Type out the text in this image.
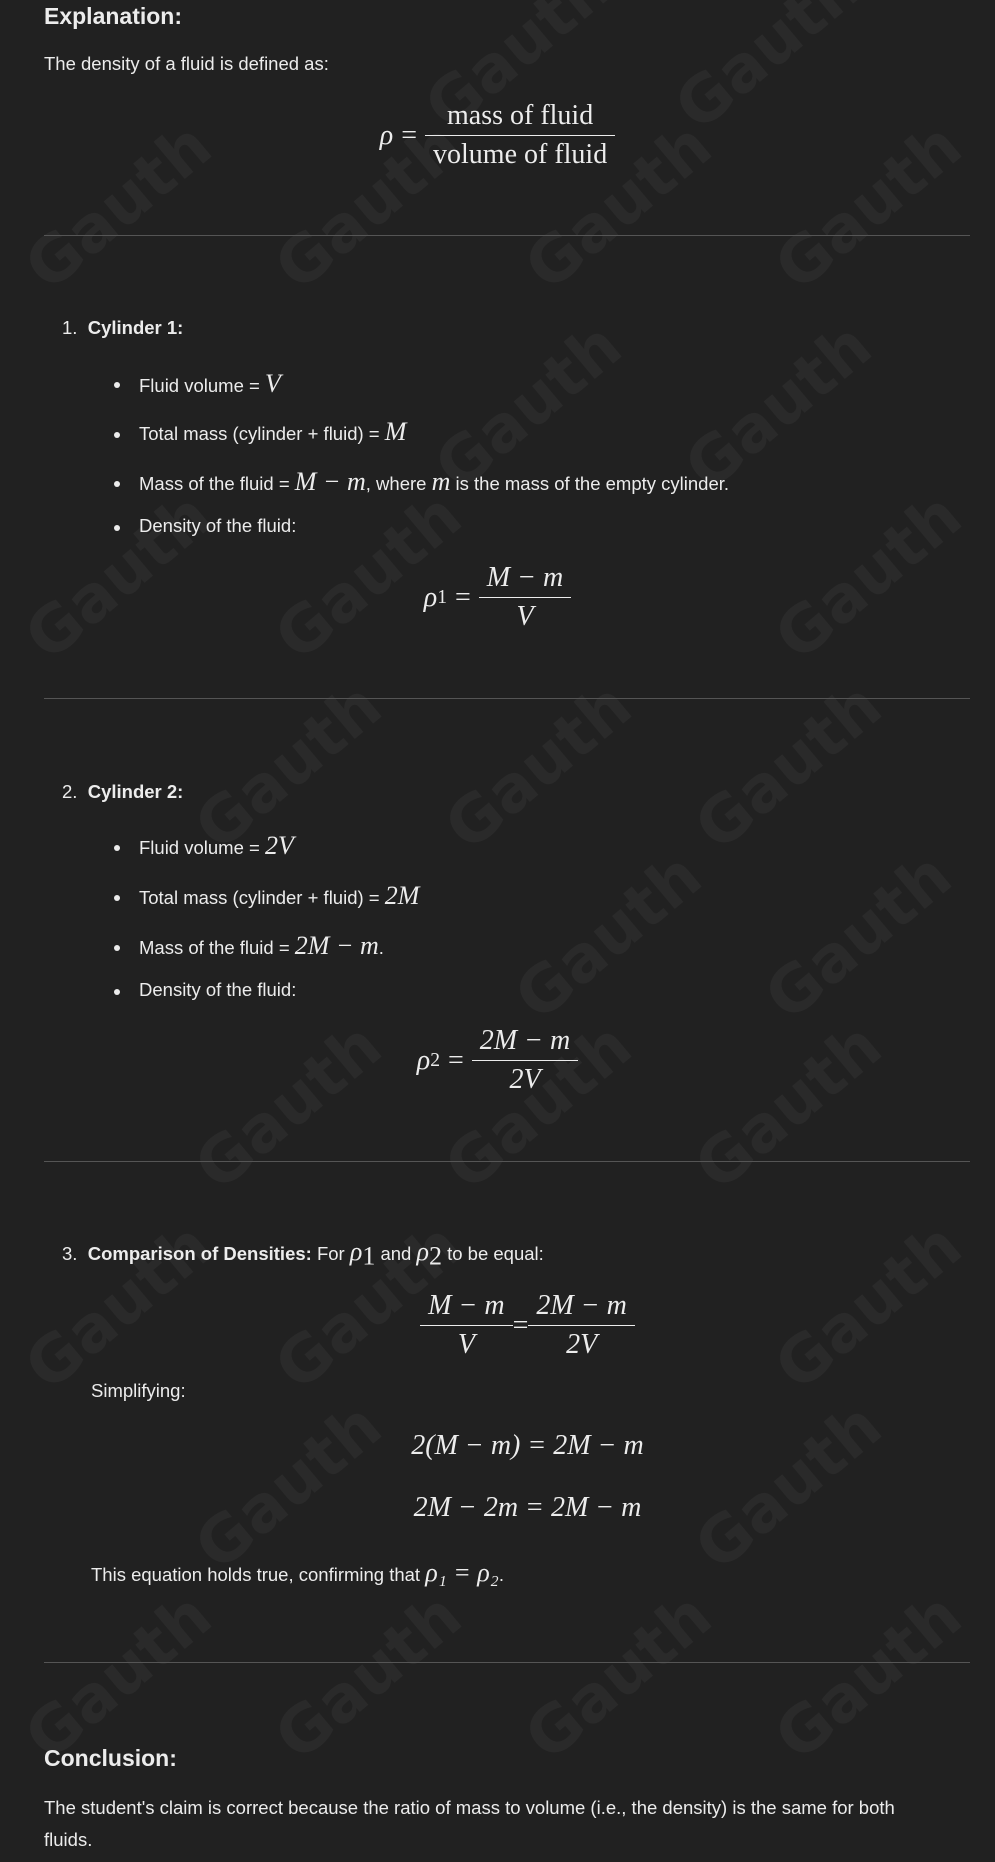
Explanation:
The density of a fluid is defined as:
$\rho = \frac{\text{mass of fluid}}{\text{volume of fluid}}$
1. Cylinder 1:
Fluid volume = V
Total mass (cylinder + fluid) = M
Mass of the fluid = M − m, where m is the mass of the empty cylinder.
Density of the fluid:
ρ $1 = \frac{M - m}{V}$
2. Cylinder 2:
Fluid volume = 2V
Total mass (cylinder + fluid) = 2M
Mass of the fluid = 2M − m.
Density of the fluid:
ρ $2 = \frac{2M - m}{2V}$
3. Comparison of Densities: For $\rho_1$ and $\rho_2$ to be equal:
$\frac{M - m}{V} = \frac{2M - m}{2V}$
Simplifying:
2(M − m) = 2M − m
2M − 2m = 2M − m
This equation holds true, confirming that ρ₁ = ρ₂.
Conclusion:
The student's claim is correct because the ratio of mass to volume (i.e., the density) is the same for both
fluids.
